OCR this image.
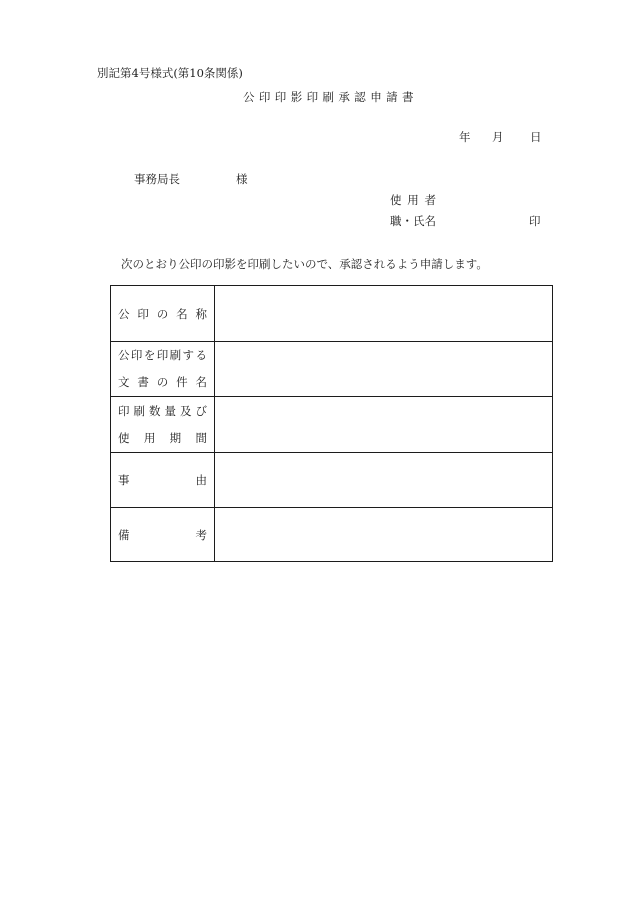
別記第4号様式(第10条関係)
公印印影印刷承認申請書
年 月 日
事務局長	様
使 用 者
職 ・ 氏 名	印
次のとおり公印の印影を印刷したいので、承認されるよう申請します。
公 印 の 名 称
公 印 を 印 刷 す る
文 書 の 件 名
印 刷 数 量 及 び
使 用 期 間
事	由
備	考
